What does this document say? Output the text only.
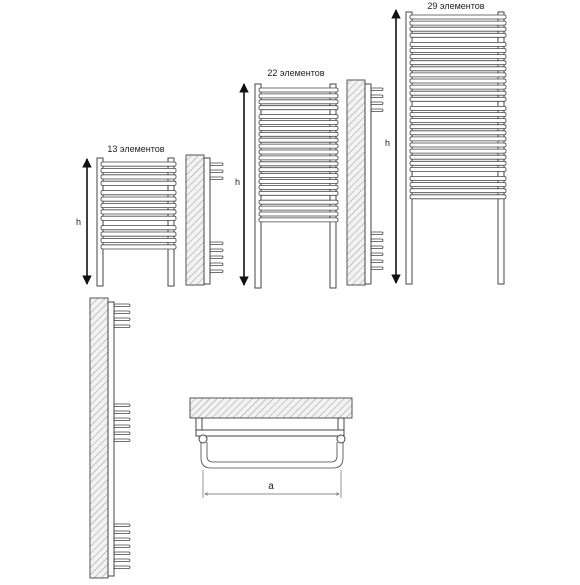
13 элементов
h
22 элементов
h
29 элементов
h
a
